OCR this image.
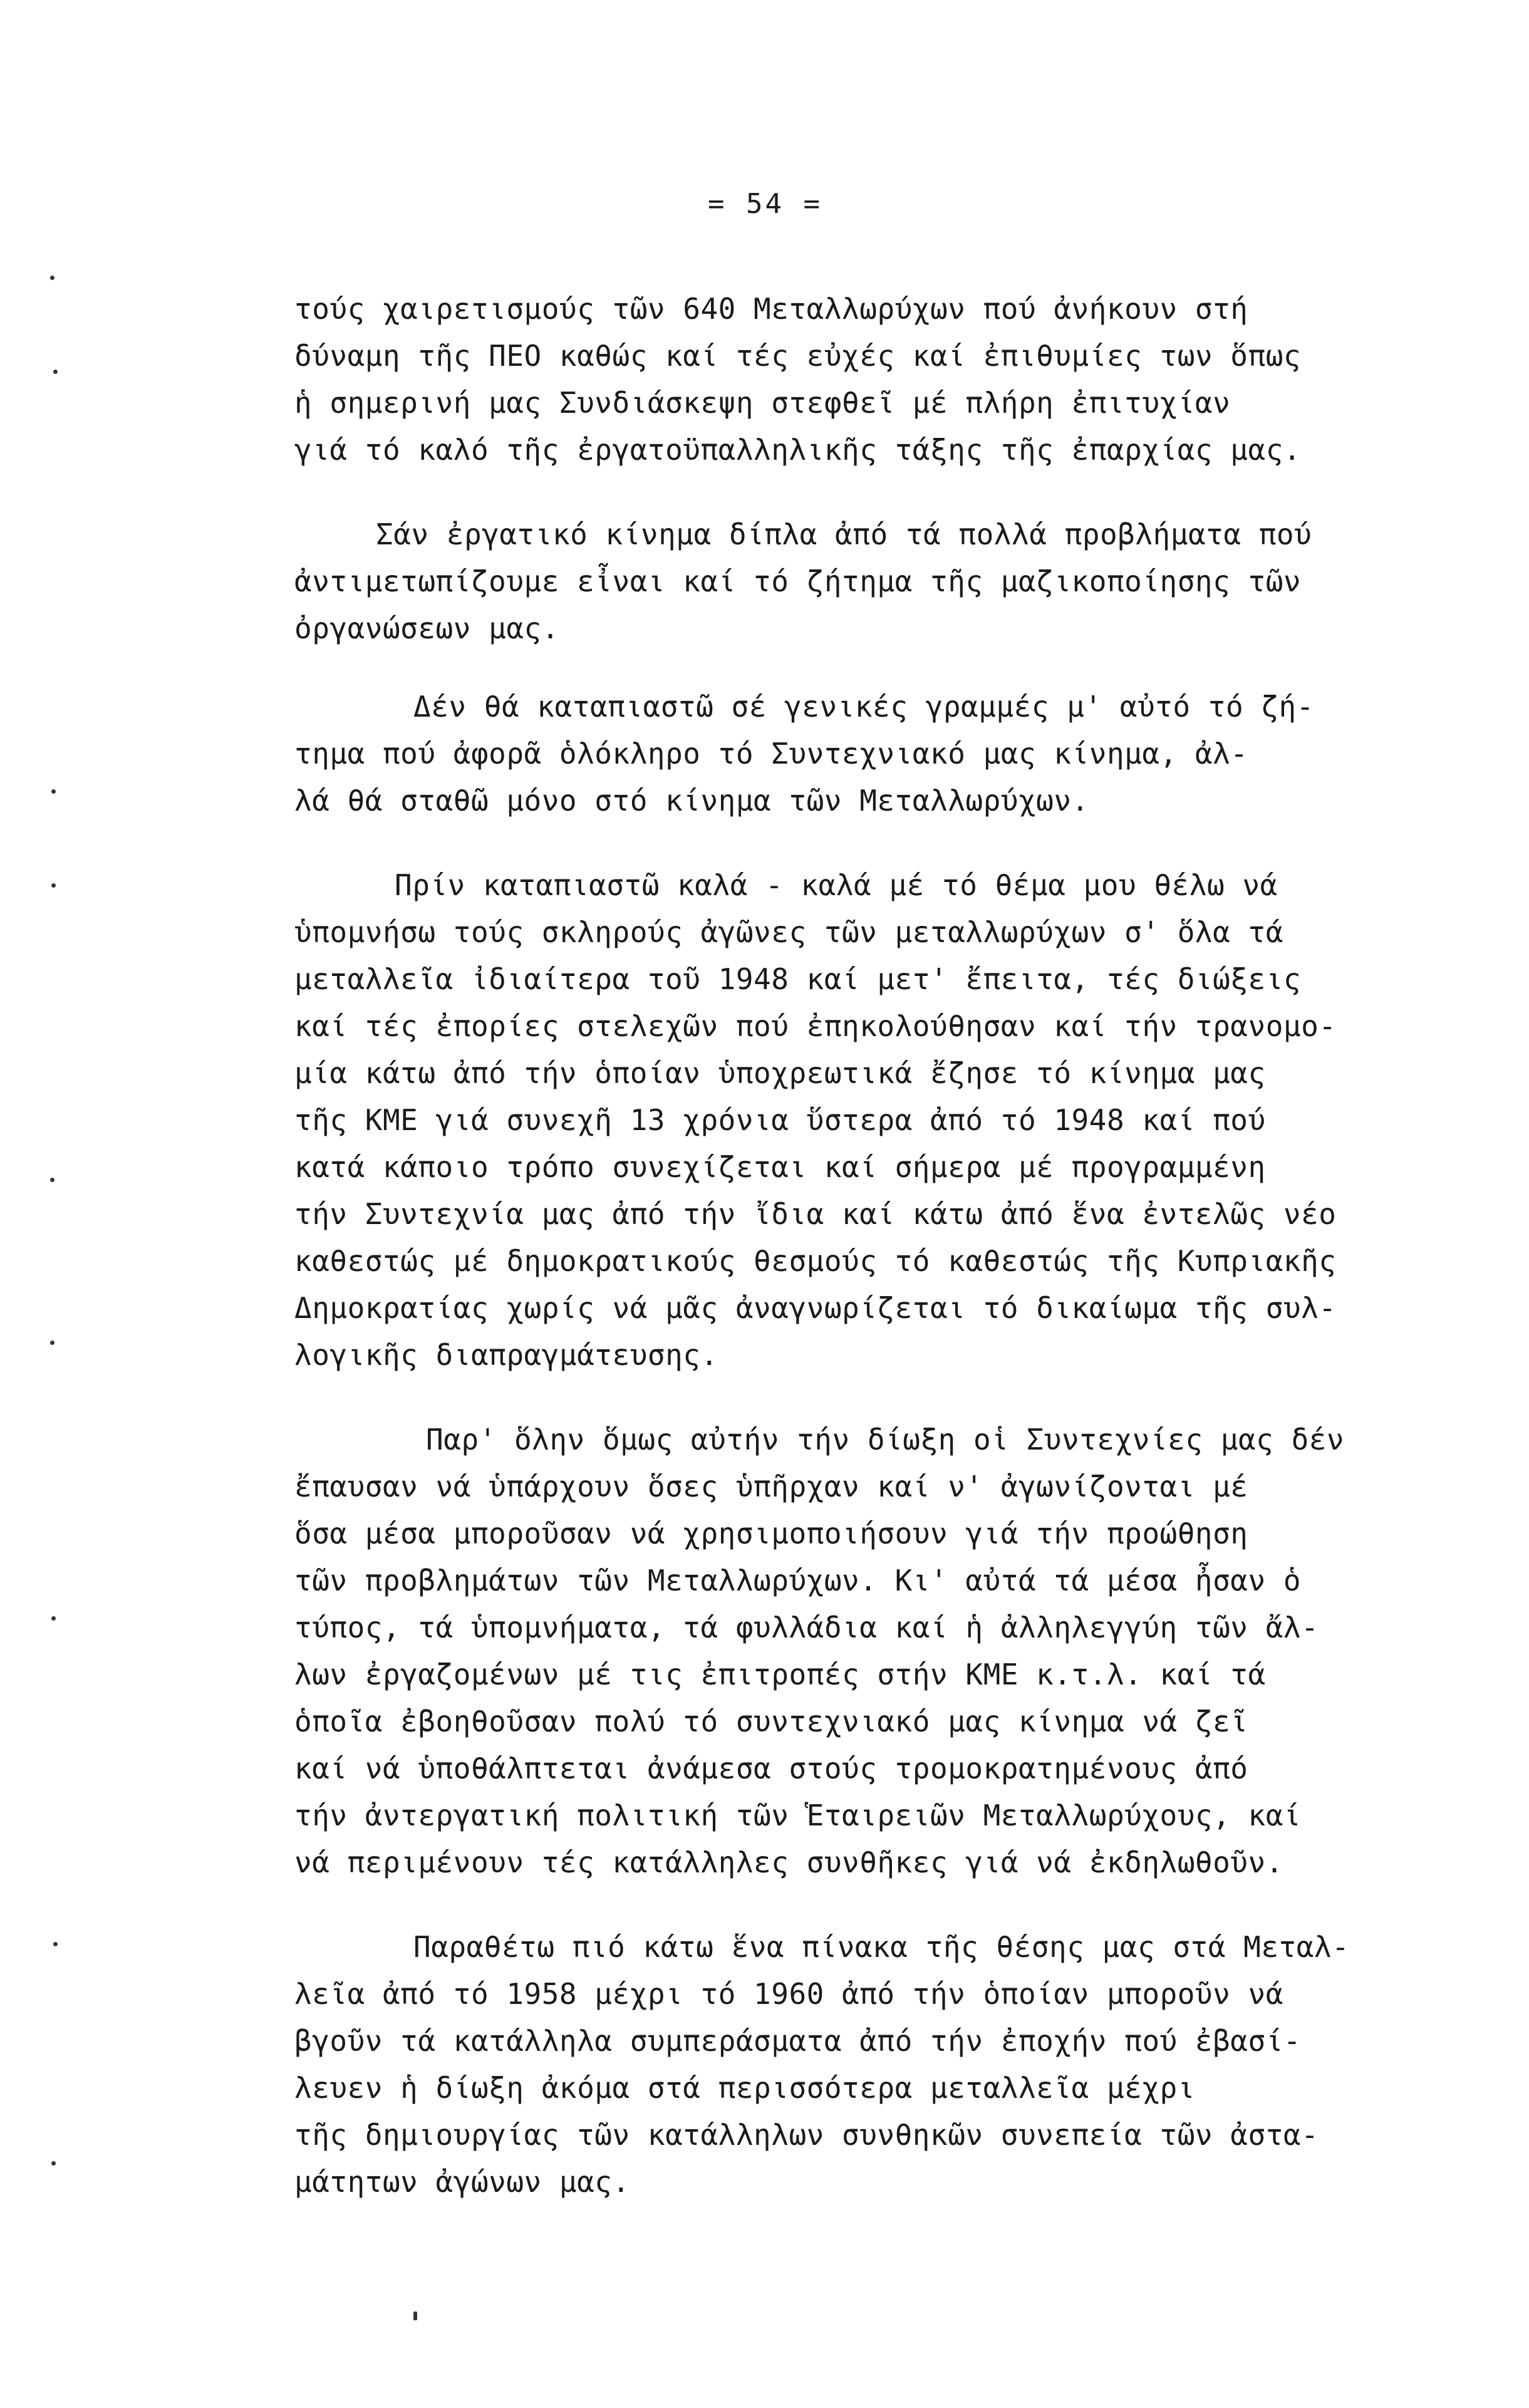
= 54 =
τούς χαιρετισμούς τῶν 640 Μεταλλωρύχων πού ἀνήκουν στή
δύναμη τῆς ΠΕΟ καθώς καί τές εὐχές καί ἐπιθυμίες των ὅπως
ἡ σημερινή μας Συνδιάσκεψη στεφθεῖ μέ πλήρη ἐπιτυχίαν
γιά τό καλό τῆς ἐργατοϋπαλληλικῆς τάξης τῆς ἐπαρχίας μας.
Σάν ἐργατικό κίνημα δίπλα ἀπό τά πολλά προβλήματα πού
ἀντιμετωπίζουμε εἶναι καί τό ζήτημα τῆς μαζικοποίησης τῶν
ὀργανώσεων μας.
Δέν θά καταπιαστῶ σέ γενικές γραμμές μ' αὐτό τό ζή-
τημα πού ἀφορᾶ ὁλόκληρο τό Συντεχνιακό μας κίνημα, ἀλ-
λά θά σταθῶ μόνο στό κίνημα τῶν Μεταλλωρύχων.
Πρίν καταπιαστῶ καλά - καλά μέ τό θέμα μου θέλω νά
ὑπομνήσω τούς σκληρούς ἀγῶνες τῶν μεταλλωρύχων σ' ὅλα τά
μεταλλεῖα ἰδιαίτερα τοῦ 1948 καί μετ' ἔπειτα, τές διώξεις
καί τές ἐπορίες στελεχῶν πού ἐπηκολούθησαν καί τήν τρανομο-
μία κάτω ἀπό τήν ὁποίαν ὑποχρεωτικά ἔζησε τό κίνημα μας
τῆς ΚΜΕ γιά συνεχῆ 13 χρόνια ὕστερα ἀπό τό 1948 καί πού
κατά κάποιο τρόπο συνεχίζεται καί σήμερα μέ προγραμμένη
τήν Συντεχνία μας ἀπό τήν ἴδια καί κάτω ἀπό ἕνα ἐντελῶς νέο
καθεστώς μέ δημοκρατικούς θεσμούς τό καθεστώς τῆς Κυπριακῆς
Δημοκρατίας χωρίς νά μᾶς ἀναγνωρίζεται τό δικαίωμα τῆς συλ-
λογικῆς διαπραγμάτευσης.
Παρ' ὅλην ὅμως αὐτήν τήν δίωξη οἱ Συντεχνίες μας δέν
ἔπαυσαν νά ὑπάρχουν ὅσες ὑπῆρχαν καί ν' ἀγωνίζονται μέ
ὅσα μέσα μποροῦσαν νά χρησιμοποιήσουν γιά τήν προώθηση
τῶν προβλημάτων τῶν Μεταλλωρύχων. Κι' αὐτά τά μέσα ἦσαν ὁ
τύπος, τά ὑπομνήματα, τά φυλλάδια καί ἡ ἀλληλεγγύη τῶν ἄλ-
λων ἐργαζομένων μέ τις ἐπιτροπές στήν ΚΜΕ κ.τ.λ. καί τά
ὁποῖα ἐβοηθοῦσαν πολύ τό συντεχνιακό μας κίνημα νά ζεῖ
καί νά ὑποθάλπτεται ἀνάμεσα στούς τρομοκρατημένους ἀπό
τήν ἀντεργατική πολιτική τῶν Ἑταιρειῶν Μεταλλωρύχους, καί
νά περιμένουν τές κατάλληλες συνθῆκες γιά νά ἐκδηλωθοῦν.
Παραθέτω πιό κάτω ἕνα πίνακα τῆς θέσης μας στά Μεταλ-
λεῖα ἀπό τό 1958 μέχρι τό 1960 ἀπό τήν ὁποίαν μποροῦν νά
βγοῦν τά κατάλληλα συμπεράσματα ἀπό τήν ἐποχήν πού ἐβασί-
λευεν ἡ δίωξη ἀκόμα στά περισσότερα μεταλλεῖα μέχρι
τῆς δημιουργίας τῶν κατάλληλων συνθηκῶν συνεπεία τῶν ἀστα-
μάτητων ἀγώνων μας.
